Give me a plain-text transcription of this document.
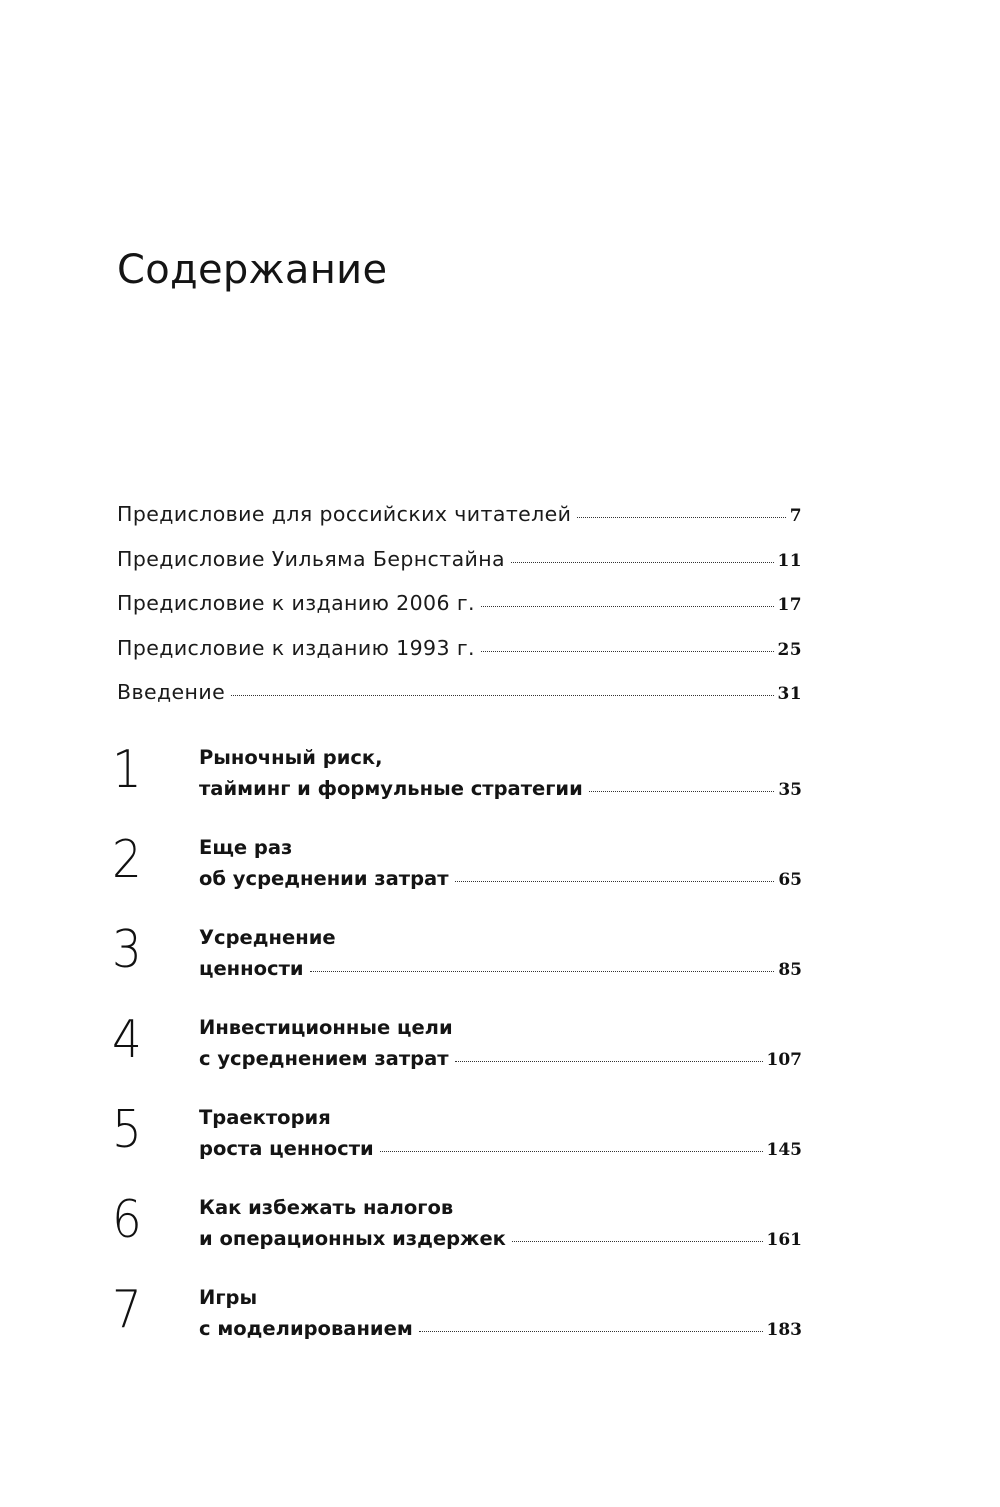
Содержание
Предисловие для российских читателей	7
Предисловие Уильяма Бернстайна	11
Предисловие к изданию 2006 г.	17
Предисловие к изданию 1993 г.	25
Введение	31
1	Рыночный риск,
тайминг и формульные стратегии	35
2	Еще раз
об усреднении затрат	65
3	Усреднение
ценности	85
4	Инвестиционные цели
с усреднением затрат	107
5	Траектория
роста ценности	145
6	Как избежать налогов
и операционных издержек	161
7	Игры
с моделированием	183
